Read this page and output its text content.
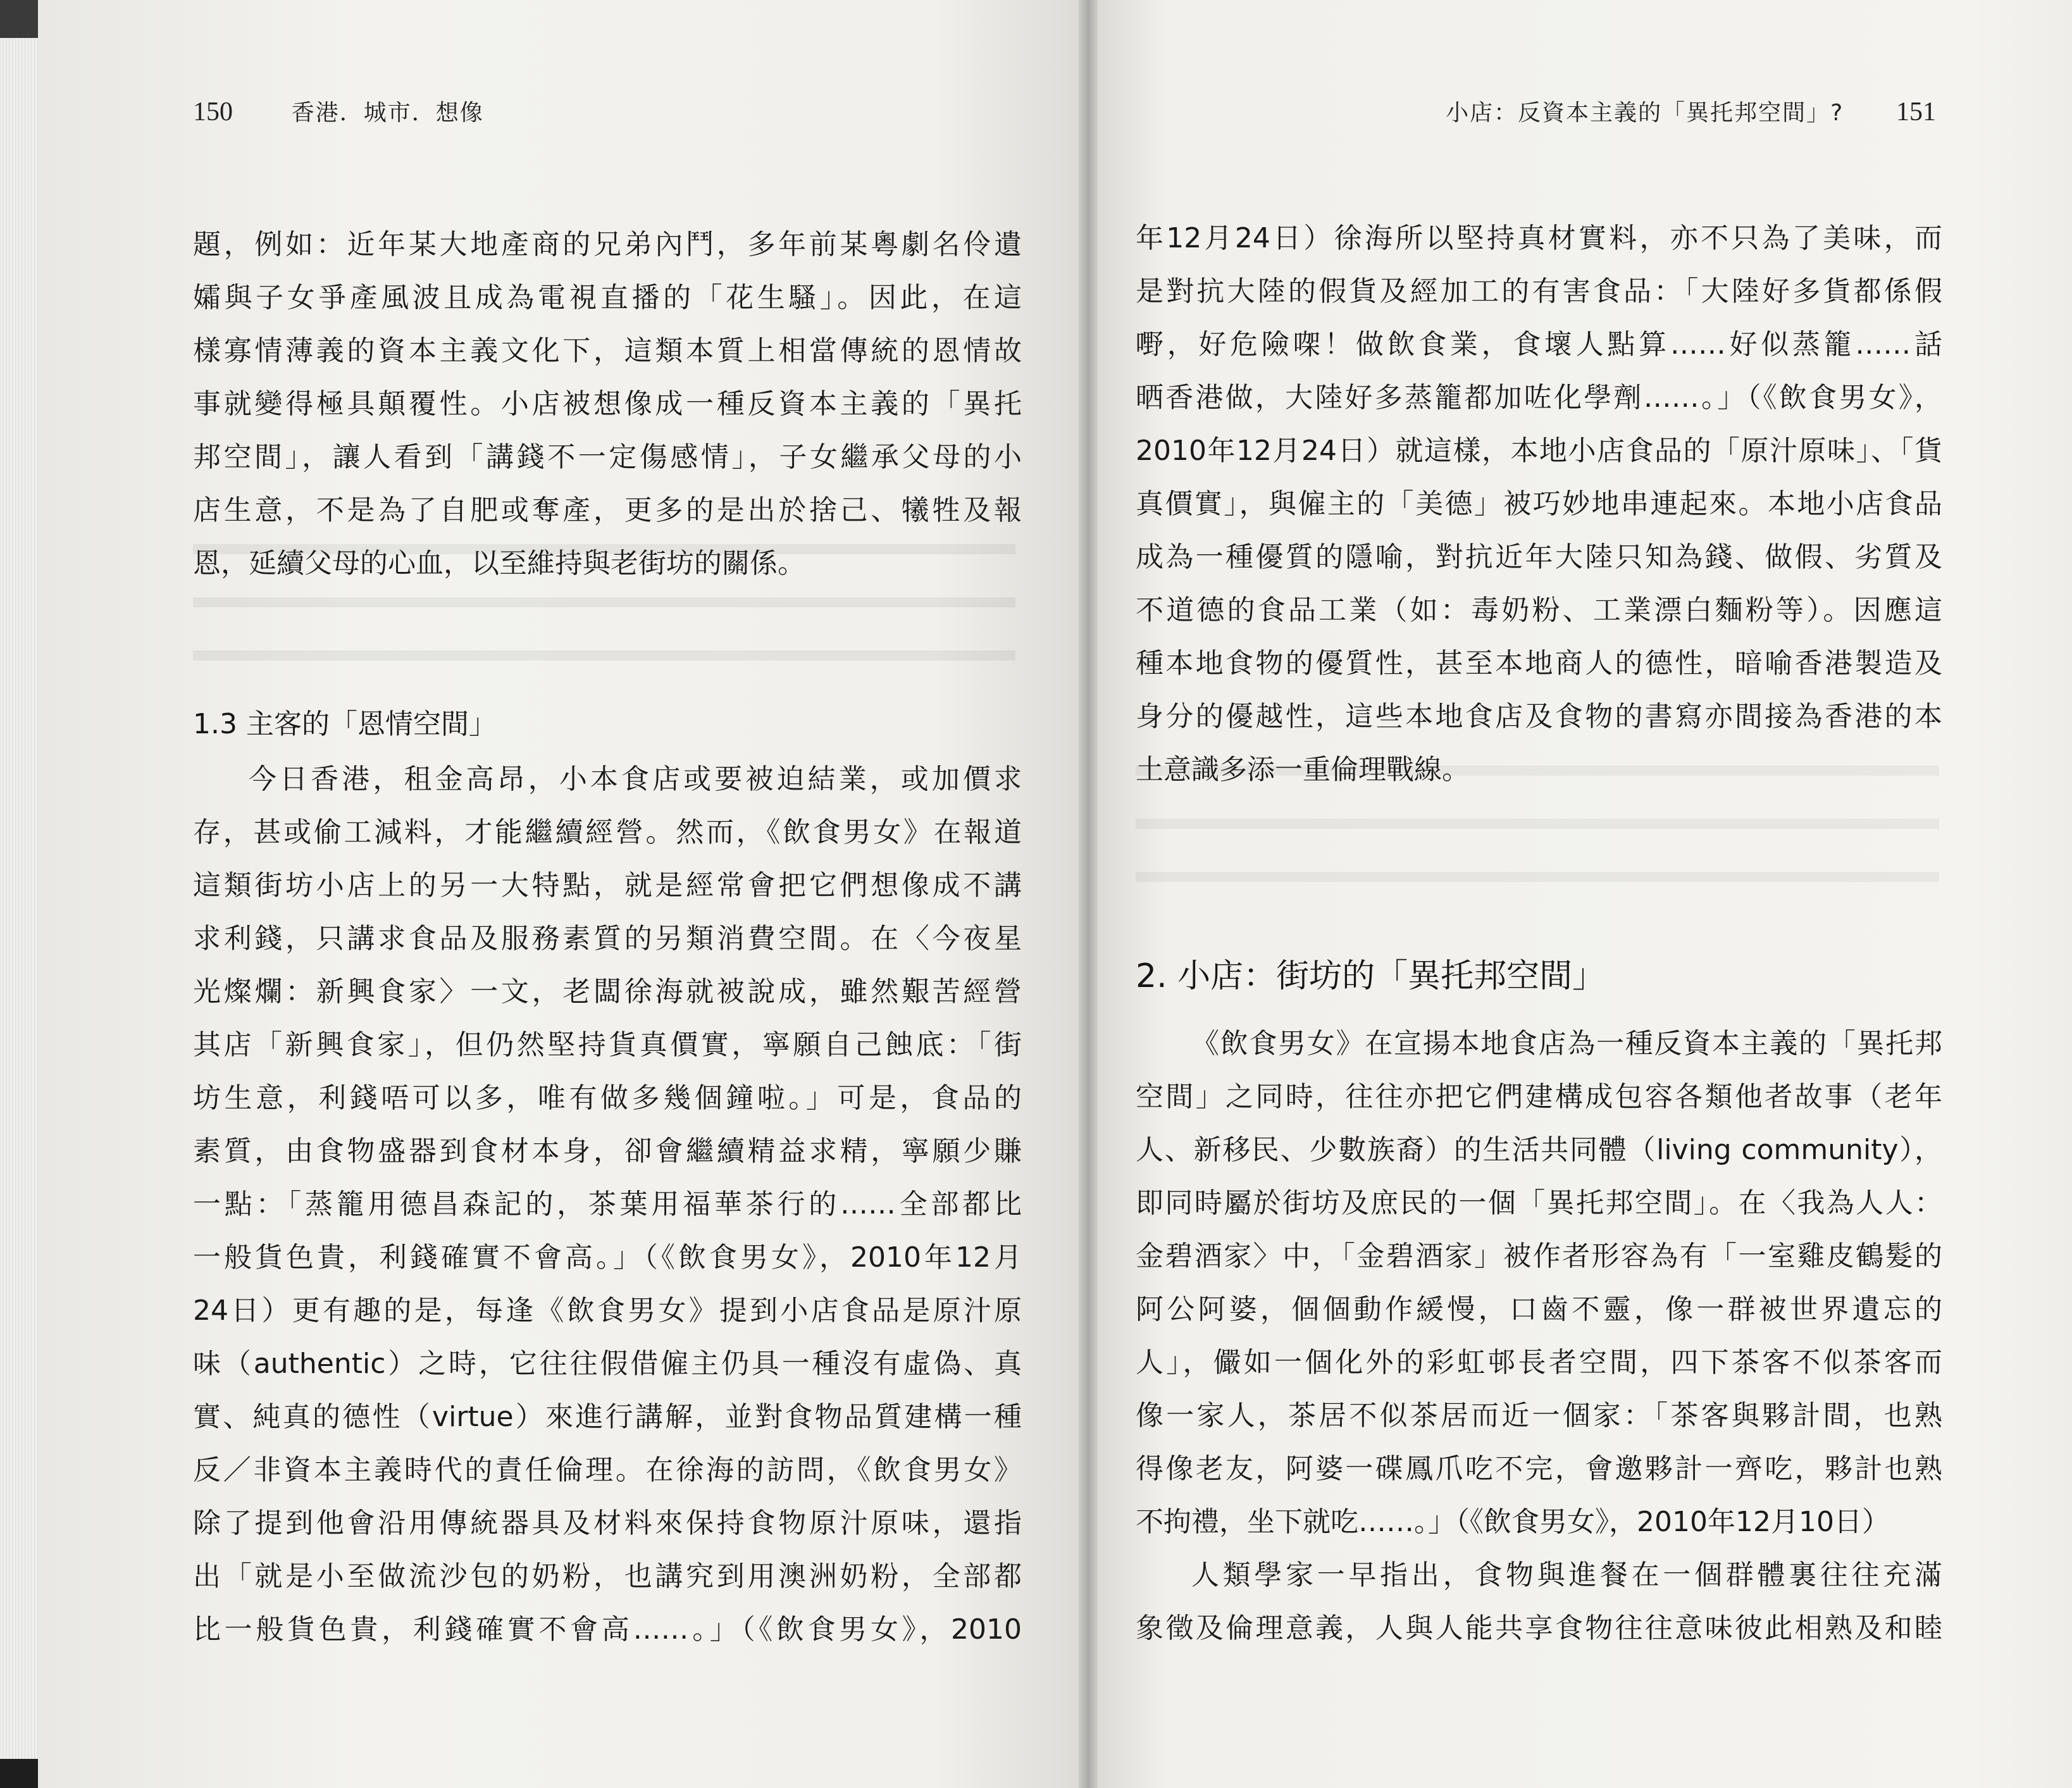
150	香港．城市．想像	小店：反資本主義的「異托邦空間」? 151
題，例如：近年某大地產商的兄弟內鬥，多年前某粵劇名伶遺
孀與子女爭產風波且成為電視直播的「花生騷」。因此，在這
樣寡情薄義的資本主義文化下，這類本質上相當傳統的恩情故
事就變得極具顛覆性。小店被想像成一種反資本主義的「異托
邦空間」，讓人看到「講錢不一定傷感情」，子女繼承父母的小
店生意，不是為了自肥或奪產，更多的是出於捨己、犧牲及報
恩，延續父母的心血，以至維持與老街坊的關係。
1.3 主客的「恩情空間」
今日香港，租金高昂，小本食店或要被迫結業，或加價求
存，甚或偷工減料，才能繼續經營。然而，《飲食男女》在報道
這類街坊小店上的另一大特點，就是經常會把它們想像成不講
求利錢，只講求食品及服務素質的另類消費空間。在〈今夜星
光燦爛：新興食家〉一文，老闆徐海就被說成，雖然艱苦經營
其店「新興食家」，但仍然堅持貨真價實，寧願自己蝕底：「街
坊生意，利錢唔可以多，唯有做多幾個鐘啦。」可是，食品的
素質，由食物盛器到食材本身，卻會繼續精益求精，寧願少賺
一點：「蒸籠用德昌森記的，茶葉用福華茶行的……全部都比
一般貨色貴，利錢確實不會高。」（《飲食男女》，2010年12月
24日）更有趣的是，每逢《飲食男女》提到小店食品是原汁原
味（authentic）之時，它往往假借僱主仍具一種沒有虛偽、真
實、純真的德性（virtue）來進行講解，並對食物品質建構一種
反／非資本主義時代的責任倫理。在徐海的訪問，《飲食男女》
除了提到他會沿用傳統器具及材料來保持食物原汁原味，還指
出「就是小至做流沙包的奶粉，也講究到用澳洲奶粉，全部都
比一般貨色貴，利錢確實不會高……。」（《飲食男女》，2010
年12月24日）徐海所以堅持真材實料，亦不只為了美味，而
是對抗大陸的假貨及經加工的有害食品：「大陸好多貨都係假
嘢，好危險㗎！做飲食業，食壞人點算……好似蒸籠……話
晒香港做，大陸好多蒸籠都加咗化學劑……。」（《飲食男女》，
2010年12月24日）就這樣，本地小店食品的「原汁原味」、「貨
真價實」，與僱主的「美德」被巧妙地串連起來。本地小店食品
成為一種優質的隱喻，對抗近年大陸只知為錢、做假、劣質及
不道德的食品工業（如：毒奶粉、工業漂白麵粉等）。因應這
種本地食物的優質性，甚至本地商人的德性，暗喻香港製造及
身分的優越性，這些本地食店及食物的書寫亦間接為香港的本
土意識多添一重倫理戰線。
2. 小店：街坊的「異托邦空間」
《飲食男女》在宣揚本地食店為一種反資本主義的「異托邦
空間」之同時，往往亦把它們建構成包容各類他者故事（老年
人、新移民、少數族裔）的生活共同體（living community），
即同時屬於街坊及庶民的一個「異托邦空間」。在〈我為人人：
金碧酒家〉中，「金碧酒家」被作者形容為有「一室雞皮鶴髮的
阿公阿婆，個個動作緩慢，口齒不靈，像一群被世界遺忘的
人」，儼如一個化外的彩虹邨長者空間，四下茶客不似茶客而
像一家人，茶居不似茶居而近一個家：「茶客與夥計間，也熟
得像老友，阿婆一碟鳳爪吃不完，會邀夥計一齊吃，夥計也熟
不拘禮，坐下就吃……。」（《飲食男女》，2010年12月10日）
人類學家一早指出，食物與進餐在一個群體裏往往充滿
象徵及倫理意義，人與人能共享食物往往意味彼此相熟及和睦
